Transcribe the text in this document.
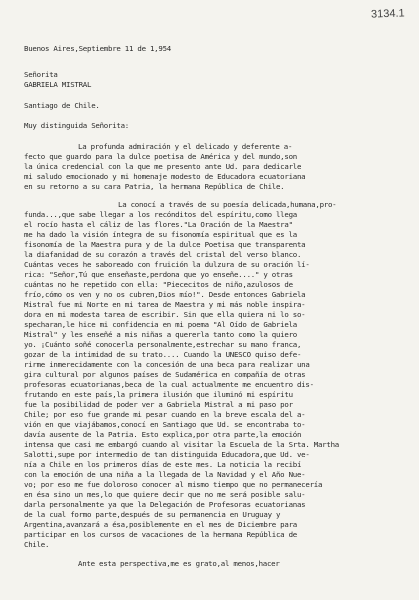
3134.1
Buenos Aires,Septiembre 11 de 1,954
Señorita
GABRIELA MISTRAL
Santiago de Chile.
Muy distinguida Señorita:
La profunda admiración y el delicado y deferente a-
fecto que guardo para la dulce poetisa de América y del mundo,son
la única credencial con la que me presento ante Ud. para dedicarle
mi saludo emocionado y mi homenaje modesto de Educadora ecuatoriana
en su retorno a su cara Patria, la hermana República de Chile.
La conocí a través de su poesía delicada,humana,pro-
funda...,que sabe llegar a los recónditos del espíritu,como llega
el rocío hasta el cáliz de las flores."La Oración de la Maestra"
me ha dado la visión íntegra de su fisonomía espiritual que es la
fisonomía de la Maestra pura y de la dulce Poetisa que transparenta
la diafanidad de su corazón a través del cristal del verso blanco.
Cuántas veces he saboreado con fruición la dulzura de su oración lí-
rica: "Señor,Tú que enseñaste,perdona que yo enseñe...." y otras
cuántas no he repetido con ella: "Piececitos de niño,azulosos de
frío,cómo os ven y no os cubren,Dios mío!". Desde entonces Gabriela
Mistral fue mi Norte en mi tarea de Maestra y mi más noble inspira-
dora en mi modesta tarea de escribir. Sin que ella quiera ni lo so-
specharan,le hice mi confidencia en mi poema "Al Oído de Gabriela
Mistral" y les enseñé a mis niñas a quererla tanto como la quiero
yo. ¡Cuánto soñé conocerla personalmente,estrechar su mano franca,
gozar de la intimidad de su trato.... Cuando la UNESCO quiso defe-
rirme inmerecidamente con la concesión de una beca para realizar una
gira cultural por algunos países de Sudamérica en compañía de otras
profesoras ecuatorianas,beca de la cual actualmente me encuentro dis-
frutando en este país,la primera ilusión que iluminó mi espíritu
fue la posibilidad de poder ver a Gabriela Mistral a mi paso por
Chile; por eso fue grande mi pesar cuando en la breve escala del a-
vión en que viajábamos,conocí en Santiago que Ud. se encontraba to-
davía ausente de la Patria. Esto explica,por otra parte,la emoción
intensa que casi me embargó cuando al visitar la Escuela de la Srta. Martha
Salotti,supe por intermedio de tan distinguida Educadora,que Ud. ve-
nía a Chile en los primeros días de este mes. La noticia la recibí
con la emoción de una niña a la llegada de la Navidad y el Año Nue-
vo; por eso me fue doloroso conocer al mismo tiempo que no permanecería
en ésa sino un mes,lo que quiere decir que no me será posible salu-
darla personalmente ya que la Delegación de Profesoras ecuatorianas
de la cual formo parte,después de su permanencia en Uruguay y
Argentina,avanzará a ésa,posiblemente en el mes de Diciembre para
participar en los cursos de vacaciones de la hermana República de
Chile.
Ante esta perspectiva,me es grato,al menos,hacer
